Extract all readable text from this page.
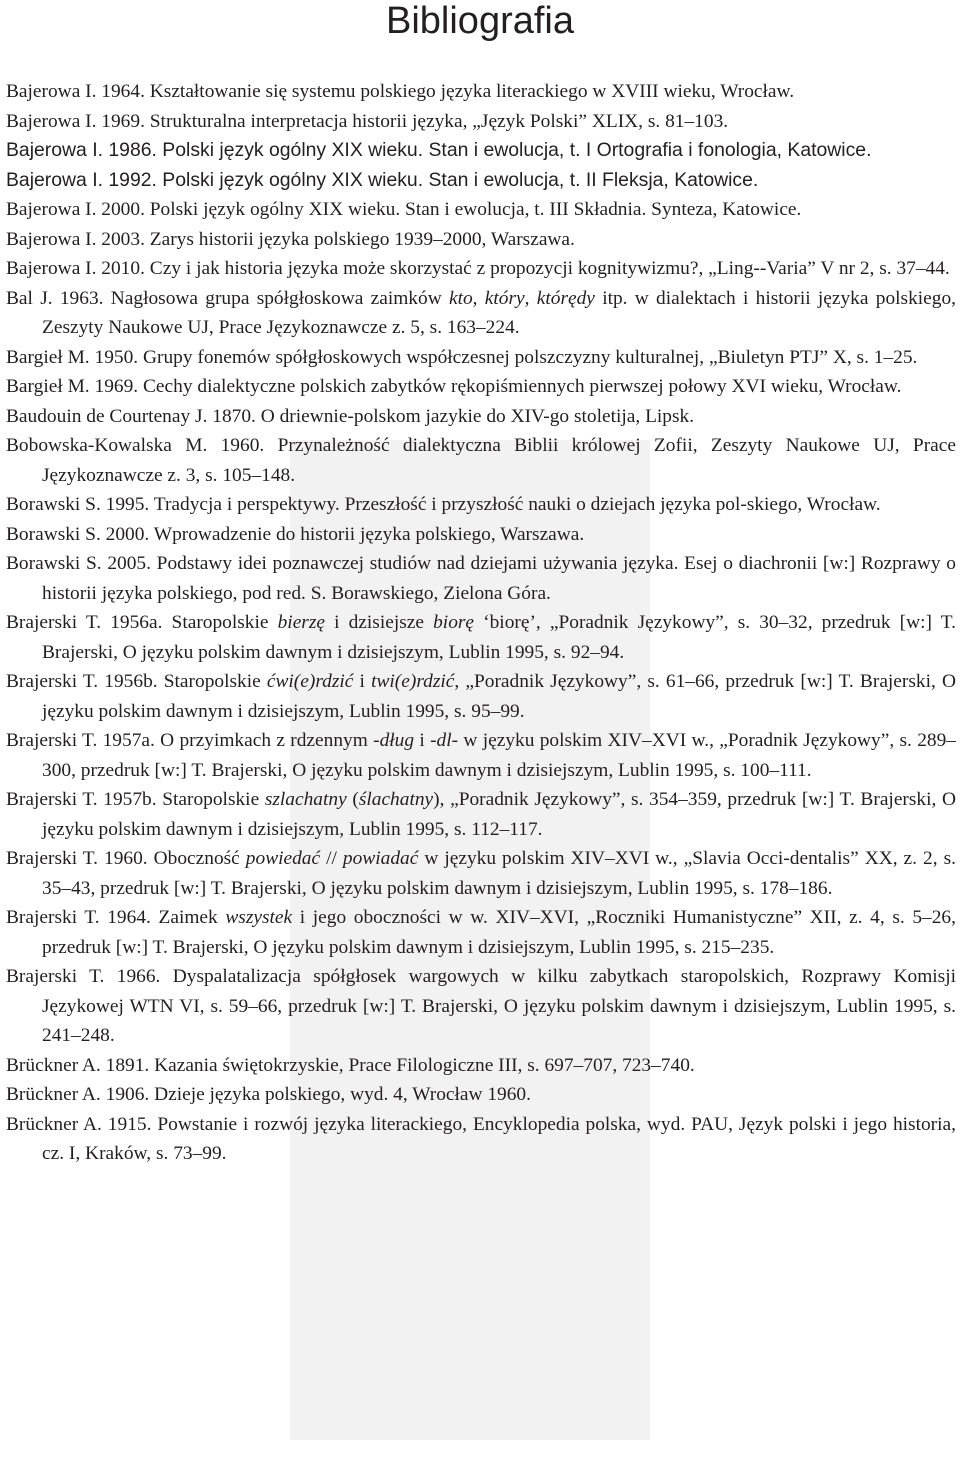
Bibliografia
Bajerowa I. 1964. Kształtowanie się systemu polskiego języka literackiego w XVIII wieku, Wrocław.
Bajerowa I. 1969. Strukturalna interpretacja historii języka, „Język Polski” XLIX, s. 81–103.
Bajerowa I. 1986. Polski język ogólny XIX wieku. Stan i ewolucja, t. I Ortografia i fonologia, Katowice.
Bajerowa I. 1992. Polski język ogólny XIX wieku. Stan i ewolucja, t. II Fleksja, Katowice.
Bajerowa I. 2000. Polski język ogólny XIX wieku. Stan i ewolucja, t. III Składnia. Synteza, Katowice.
Bajerowa I. 2003. Zarys historii języka polskiego 1939–2000, Warszawa.
Bajerowa I. 2010. Czy i jak historia języka może skorzystać z propozycji kognitywizmu?, „Ling--Varia” V nr 2, s. 37–44.
Bal J. 1963. Nagłosowa grupa spółgłoskowa zaimków kto, który, którędy itp. w dialektach i historii języka polskiego, Zeszyty Naukowe UJ, Prace Językoznawcze z. 5, s. 163–224.
Bargieł M. 1950. Grupy fonemów spółgłoskowych współczesnej polszczyzny kulturalnej, „Biuletyn PTJ” X, s. 1–25.
Bargieł M. 1969. Cechy dialektyczne polskich zabytków rękopiśmiennych pierwszej połowy XVI wieku, Wrocław.
Baudouin de Courtenay J. 1870. O driewnie-polskom jazykie do XIV-go stoletija, Lipsk.
Bobowska-Kowalska M. 1960. Przynależność dialektyczna Biblii królowej Zofii, Zeszyty Naukowe UJ, Prace Językoznawcze z. 3, s. 105–148.
Borawski S. 1995. Tradycja i perspektywy. Przeszłość i przyszłość nauki o dziejach języka pol-skiego, Wrocław.
Borawski S. 2000. Wprowadzenie do historii języka polskiego, Warszawa.
Borawski S. 2005. Podstawy idei poznawczej studiów nad dziejami używania języka. Esej o diachronii [w:] Rozprawy o historii języka polskiego, pod red. S. Borawskiego, Zielona Góra.
Brajerski T. 1956a. Staropolskie bierzę i dzisiejsze biorę ‘biorę’, „Poradnik Językowy”, s. 30–32, przedruk [w:] T. Brajerski, O języku polskim dawnym i dzisiejszym, Lublin 1995, s. 92–94.
Brajerski T. 1956b. Staropolskie ćwi(e)rdzić i twi(e)rdzić, „Poradnik Językowy”, s. 61–66, przedruk [w:] T. Brajerski, O języku polskim dawnym i dzisiejszym, Lublin 1995, s. 95–99.
Brajerski T. 1957a. O przyimkach z rdzennym -dług i -dl- w języku polskim XIV–XVI w., „Poradnik Językowy”, s. 289–300, przedruk [w:] T. Brajerski, O języku polskim dawnym i dzisiejszym, Lublin 1995, s. 100–111.
Brajerski T. 1957b. Staropolskie szlachatny (ślachatny), „Poradnik Językowy”, s. 354–359, przedruk [w:] T. Brajerski, O języku polskim dawnym i dzisiejszym, Lublin 1995, s. 112–117.
Brajerski T. 1960. Oboczność powiedać // powiadać w języku polskim XIV–XVI w., „Slavia Occi-dentalis” XX, z. 2, s. 35–43, przedruk [w:] T. Brajerski, O języku polskim dawnym i dzisiejszym, Lublin 1995, s. 178–186.
Brajerski T. 1964. Zaimek wszystek i jego oboczności w w. XIV–XVI, „Roczniki Humanistyczne” XII, z. 4, s. 5–26, przedruk [w:] T. Brajerski, O języku polskim dawnym i dzisiejszym, Lublin 1995, s. 215–235.
Brajerski T. 1966. Dyspalatalizacja spółgłosek wargowych w kilku zabytkach staropolskich, Rozprawy Komisji Językowej WTN VI, s. 59–66, przedruk [w:] T. Brajerski, O języku polskim dawnym i dzisiejszym, Lublin 1995, s. 241–248.
Brückner A. 1891. Kazania świętokrzyskie, Prace Filologiczne III, s. 697–707, 723–740.
Brückner A. 1906. Dzieje języka polskiego, wyd. 4, Wrocław 1960.
Brückner A. 1915. Powstanie i rozwój języka literackiego, Encyklopedia polska, wyd. PAU, Język polski i jego historia, cz. I, Kraków, s. 73–99.
